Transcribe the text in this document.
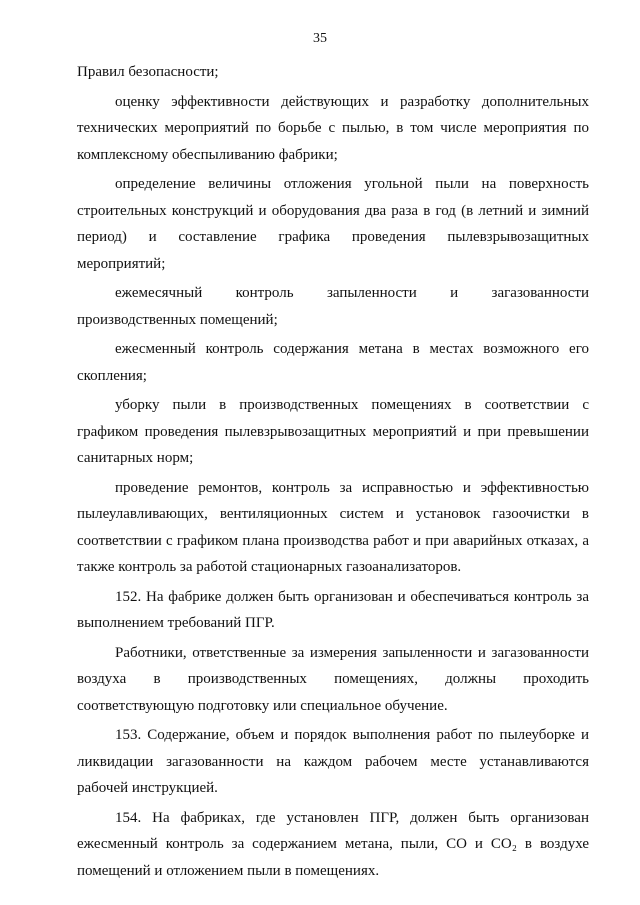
35

Правил безопасности;

оценку эффективности действующих и разработку дополнительных технических мероприятий по борьбе с пылью, в том числе мероприятия по комплексному обеспыливанию фабрики;

определение величины отложения угольной пыли на поверхность строительных конструкций и оборудования два раза в год (в летний и зимний период) и составление графика проведения пылевзрывозащитных мероприятий;

ежемесячный контроль запыленности и загазованности производственных помещений;

ежесменный контроль содержания метана в местах возможного его скопления;

уборку пыли в производственных помещениях в соответствии с графиком проведения пылевзрывозащитных мероприятий и при превышении санитарных норм;

проведение ремонтов, контроль за исправностью и эффективностью пылеулавливающих, вентиляционных систем и установок газоочистки в соответствии с графиком плана производства работ и при аварийных отказах, а также контроль за работой стационарных газоанализаторов.

152. На фабрике должен быть организован и обеспечиваться контроль за выполнением требований ПГР.

Работники, ответственные за измерения запыленности и загазованности воздуха в производственных помещениях, должны проходить соответствующую подготовку или специальное обучение.

153. Содержание, объем и порядок выполнения работ по пылеуборке и ликвидации загазованности на каждом рабочем месте устанавливаются рабочей инструкцией.

154. На фабриках, где установлен ПГР, должен быть организован ежесменный контроль за содержанием метана, пыли, СО и СО₂ в воздухе помещений и отложением пыли в помещениях.
